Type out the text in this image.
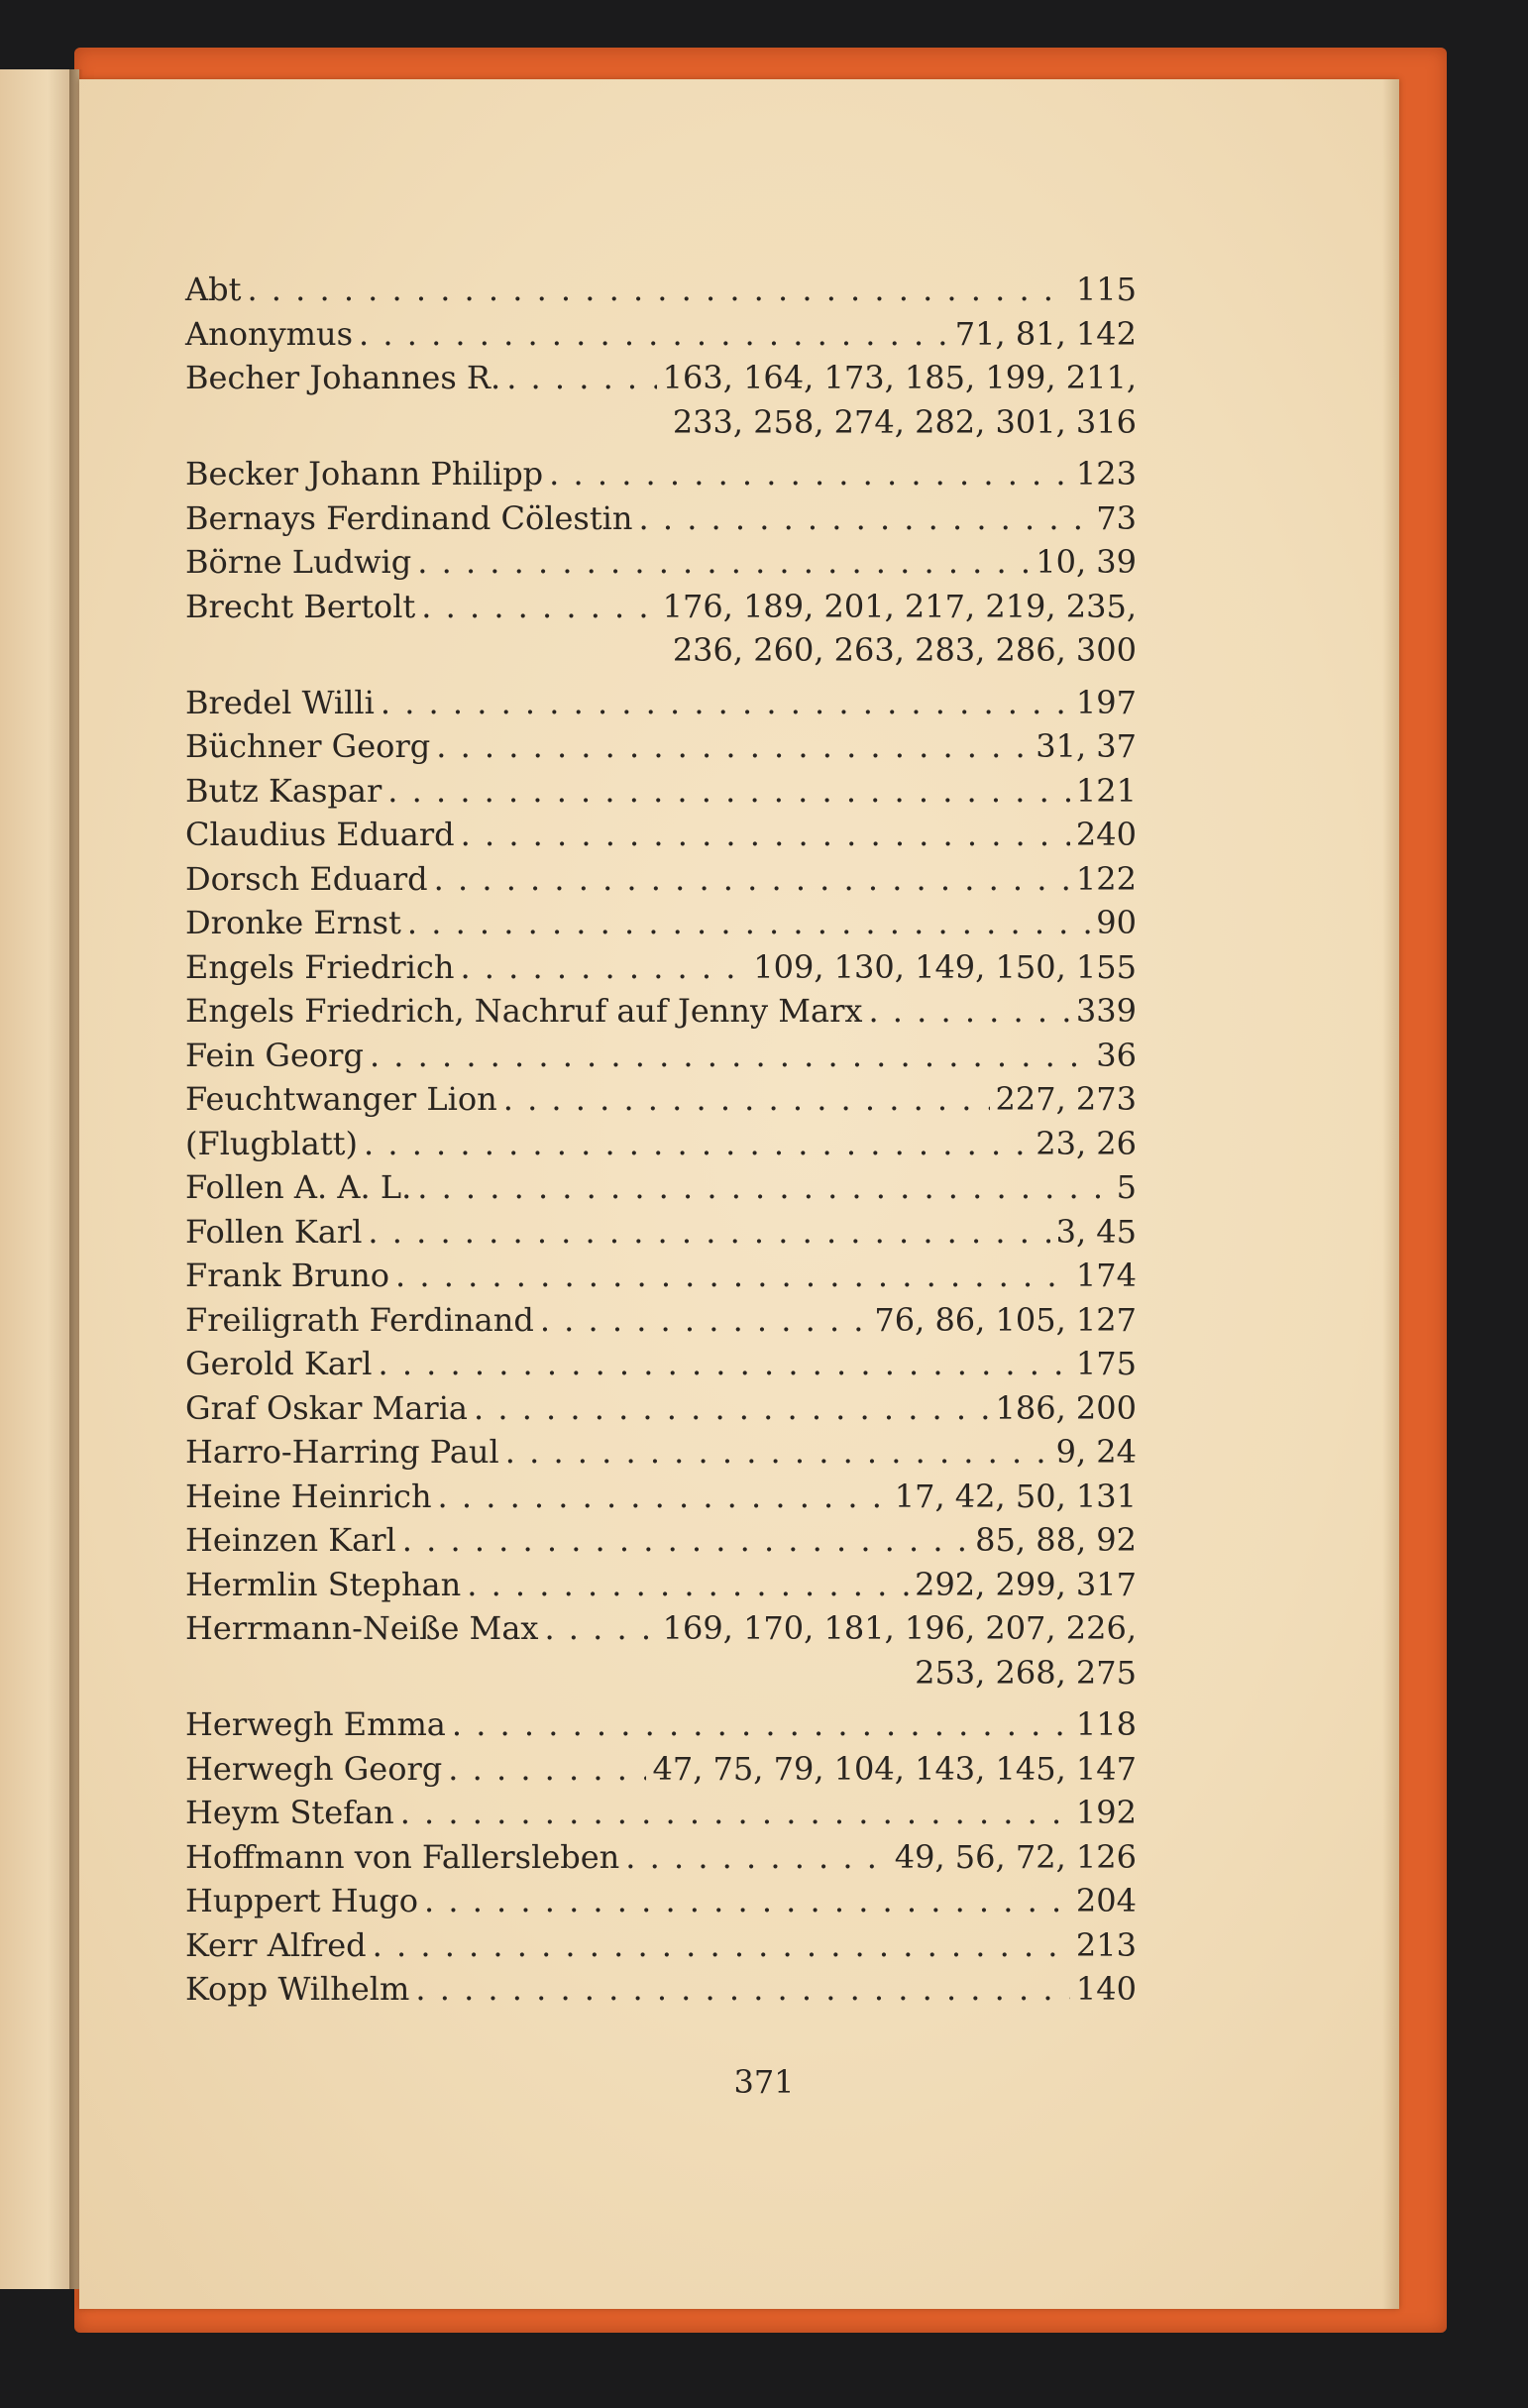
Abt . . .	115
Anonymus . . .	71, 81, 142
Becher Johannes R. . . .	163, 164, 173, 185, 199, 211,
233, 258, 274, 282, 301, 316
Becker Johann Philipp . . .	123
Bernays Ferdinand Cölestin . . .	73
Börne Ludwig . . .	10, 39
Brecht Bertolt . . .	176, 189, 201, 217, 219, 235,
236, 260, 263, 283, 286, 300
Bredel Willi . . .	197
Büchner Georg . . .	31, 37
Butz Kaspar . . .	121
Claudius Eduard . . .	240
Dorsch Eduard . . .	122
Dronke Ernst . . .	90
Engels Friedrich . . .	109, 130, 149, 150, 155
Engels Friedrich, Nachruf auf Jenny Marx . . .	339
Fein Georg . . .	36
Feuchtwanger Lion . . .	227, 273
(Flugblatt) . . .	23, 26
Follen A. A. L. . . .	5
Follen Karl . . .	3, 45
Frank Bruno . . .	174
Freiligrath Ferdinand . . .	76, 86, 105, 127
Gerold Karl . . .	175
Graf Oskar Maria . . .	186, 200
Harro-Harring Paul . . .	9, 24
Heine Heinrich . . .	17, 42, 50, 131
Heinzen Karl . . .	85, 88, 92
Hermlin Stephan . . .	292, 299, 317
Herrmann-Neiße Max . . .	169, 170, 181, 196, 207, 226,
253, 268, 275
Herwegh Emma . . .	118
Herwegh Georg . . .	47, 75, 79, 104, 143, 145, 147
Heym Stefan . . .	192
Hoffmann von Fallersleben . . .	49, 56, 72, 126
Huppert Hugo . . .	204
Kerr Alfred . . .	213
Kopp Wilhelm . . .	140
371
